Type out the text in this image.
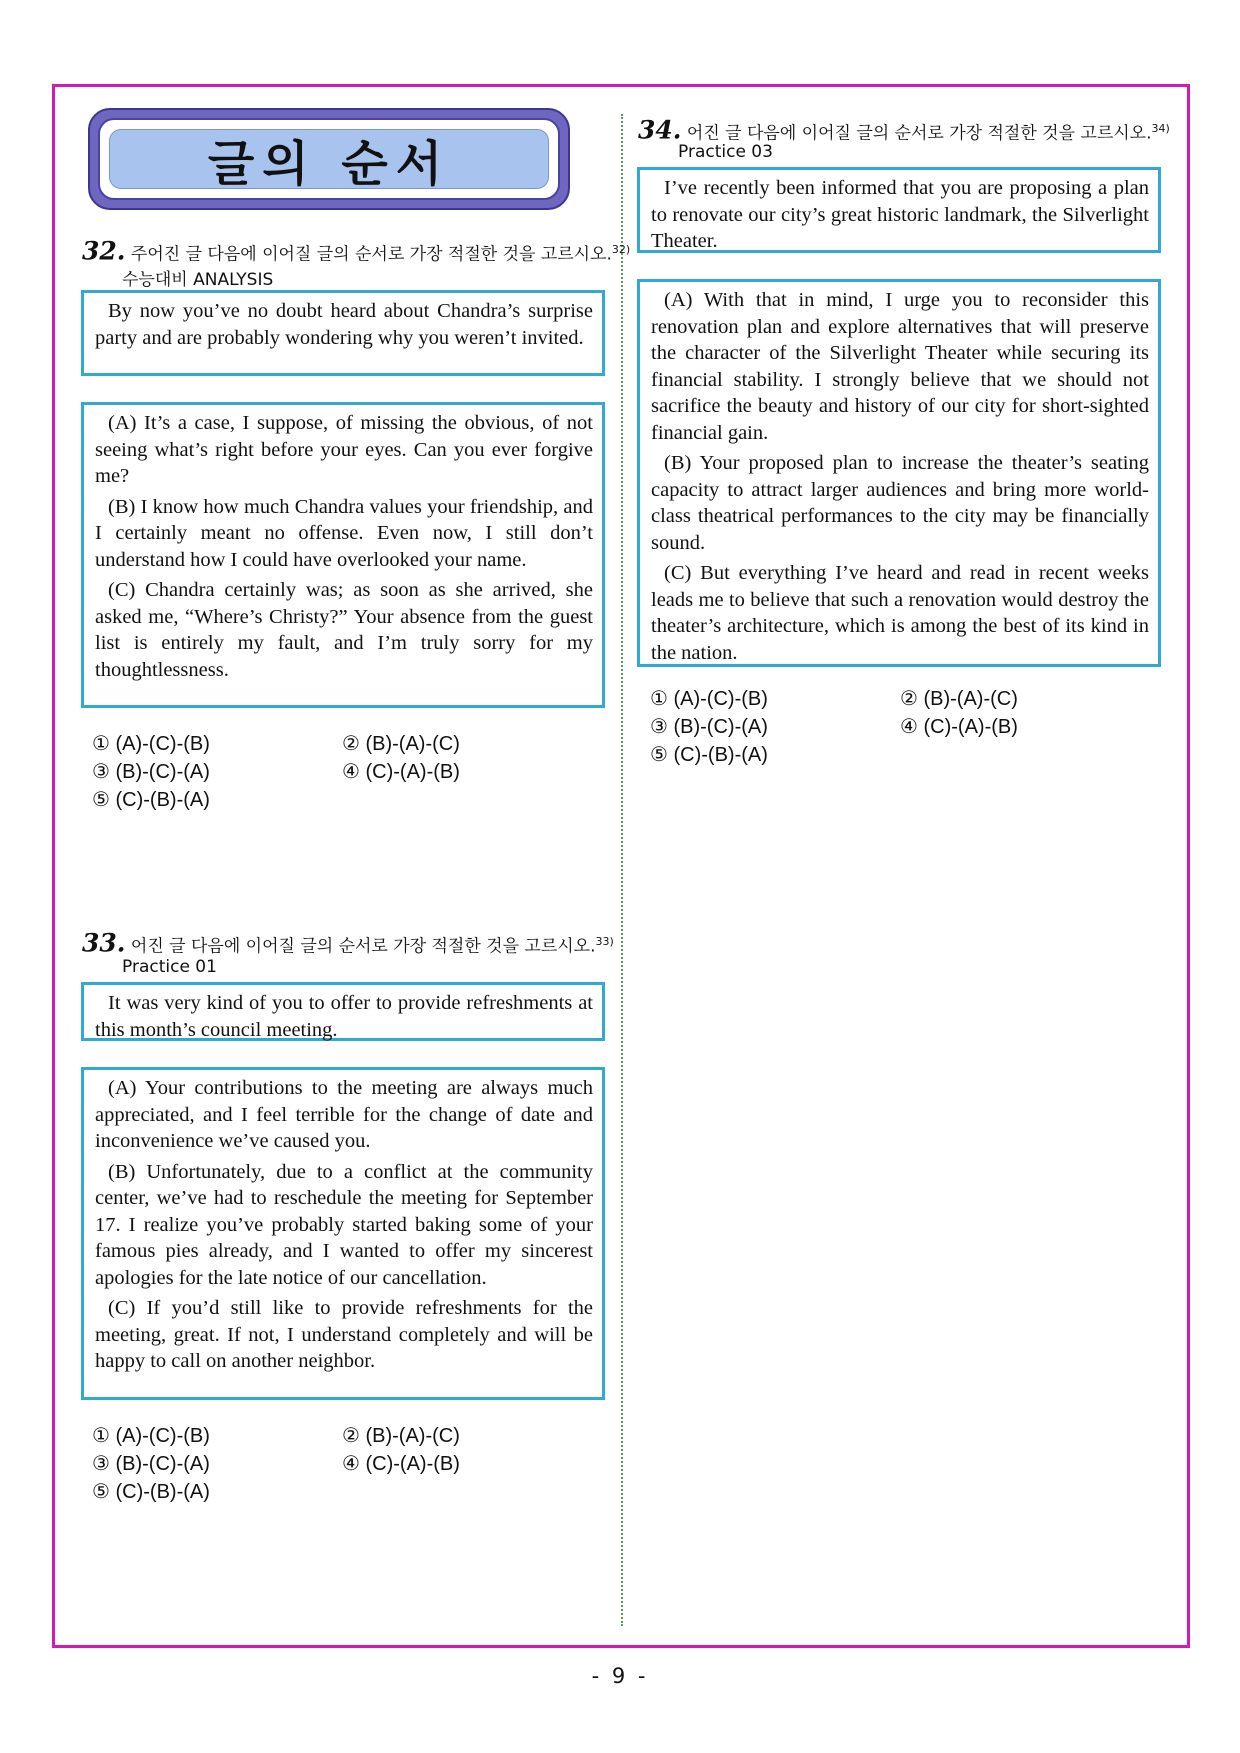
글의 순서
32. 주어진 글 다음에 이어질 글의 순서로 가장 적절한 것을 고르시오.$^{32)}$
수능대비 ANALYSIS

By now you’ve no doubt heard about Chandra’s surprise party and are probably wondering why you weren’t invited.

(A) It’s a case, I suppose, of missing the obvious, of not seeing what’s right before your eyes. Can you ever forgive me?

(B) I know how much Chandra values your friendship, and I certainly meant no offense. Even now, I still don’t understand how I could have overlooked your name.

(C) Chandra certainly was; as soon as she arrived, she asked me, “Where’s Christy?” Your absence from the guest list is entirely my fault, and I’m truly sorry for my thoughtlessness.

① (A)-(C)-(B)	② (B)-(A)-(C)
③ (B)-(C)-(A)	④ (C)-(A)-(B)
⑤ (C)-(B)-(A)
33. 어진 글 다음에 이어질 글의 순서로 가장 적절한 것을 고르시오.$^{33)}$
Practice 01

It was very kind of you to offer to provide refreshments at this month’s council meeting.

(A) Your contributions to the meeting are always much appreciated, and I feel terrible for the change of date and inconvenience we’ve caused you.

(B) Unfortunately, due to a conflict at the community center, we’ve had to reschedule the meeting for September 17. I realize you’ve probably started baking some of your famous pies already, and I wanted to offer my sincerest apologies for the late notice of our cancellation.

(C) If you’d still like to provide refreshments for the meeting, great. If not, I understand completely and will be happy to call on another neighbor.

① (A)-(C)-(B)	② (B)-(A)-(C)
③ (B)-(C)-(A)	④ (C)-(A)-(B)
⑤ (C)-(B)-(A)
34. 어진 글 다음에 이어질 글의 순서로 가장 적절한 것을 고르시오.$^{34)}$
Practice 03

I’ve recently been informed that you are proposing a plan to renovate our city’s great historic landmark, the Silverlight Theater.

(A) With that in mind, I urge you to reconsider this renovation plan and explore alternatives that will preserve the character of the Silverlight Theater while securing its financial stability. I strongly believe that we should not sacrifice the beauty and history of our city for short-sighted financial gain.

(B) Your proposed plan to increase the theater’s seating capacity to attract larger audiences and bring more world-class theatrical performances to the city may be financially sound.

(C) But everything I’ve heard and read in recent weeks leads me to believe that such a renovation would destroy the theater’s architecture, which is among the best of its kind in the nation.

① (A)-(C)-(B)	② (B)-(A)-(C)
③ (B)-(C)-(A)	④ (C)-(A)-(B)
⑤ (C)-(B)-(A)
- 9 -
